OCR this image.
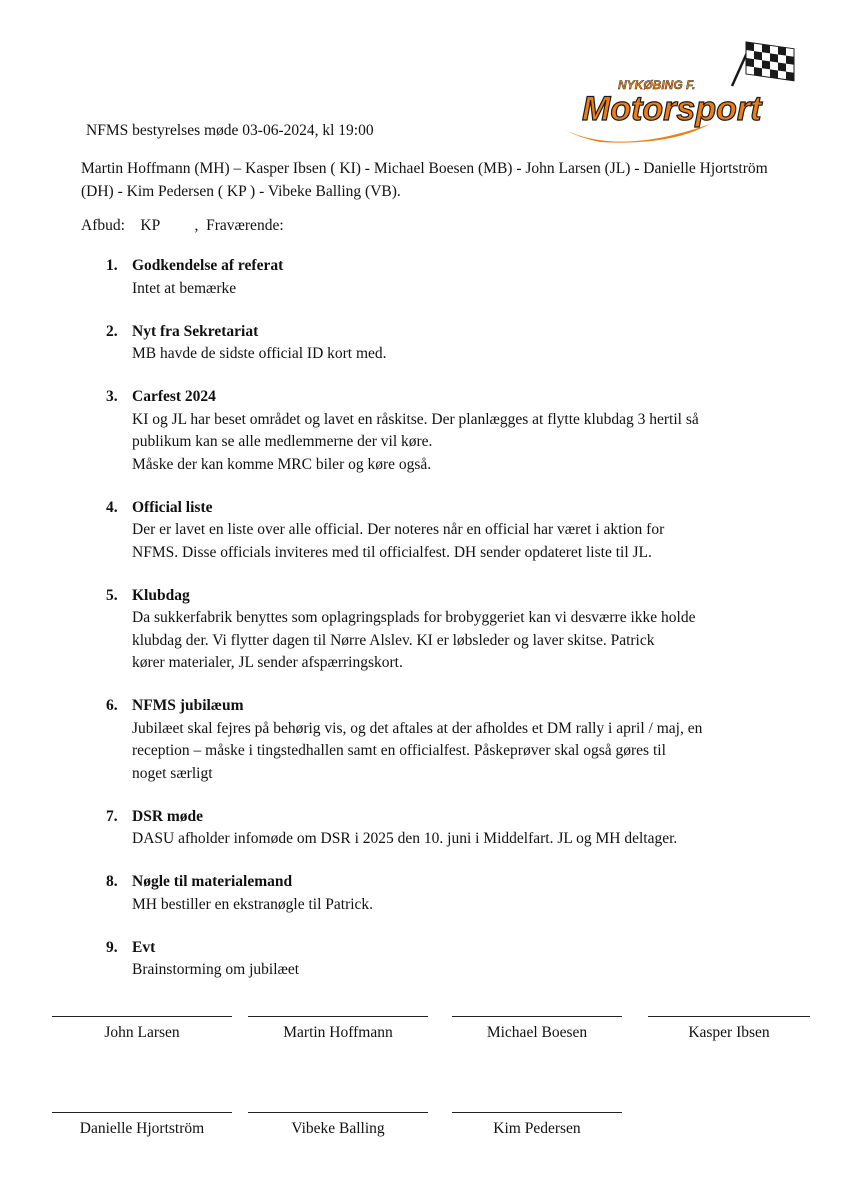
NYKØBING F.
Motorsport
NFMS bestyrelses møde 03-06-2024, kl 19:00
Martin Hoffmann (MH) – Kasper Ibsen ( KI) - Michael Boesen (MB) - John Larsen (JL) - Danielle Hjortström (DH) - Kim Pedersen ( KP ) - Vibeke Balling (VB).
Afbud:    KP         ,  Fraværende:
1. Godkendelse af referat
Intet at bemærke
2. Nyt fra Sekretariat
MB havde de sidste official ID kort med.
3. Carfest 2024
KI og JL har beset området og lavet en råskitse. Der planlægges at flytte klubdag 3 hertil så
publikum kan se alle medlemmerne der vil køre.
Måske der kan komme MRC biler og køre også.
4. Official liste
Der er lavet en liste over alle official. Der noteres når en official har været i aktion for
NFMS. Disse officials inviteres med til officialfest. DH sender opdateret liste til JL.
5. Klubdag
Da sukkerfabrik benyttes som oplagringsplads for brobyggeriet kan vi desværre ikke holde
klubdag der. Vi flytter dagen til Nørre Alslev. KI er løbsleder og laver skitse. Patrick
kører materialer, JL sender afspærringskort.
6. NFMS jubilæum
Jubilæet skal fejres på behørig vis, og det aftales at der afholdes et DM rally i april / maj, en
reception – måske i tingstedhallen samt en officialfest. Påskeprøver skal også gøres til
noget særligt
7. DSR møde
DASU afholder infomøde om DSR i 2025 den 10. juni i Middelfart. JL og MH deltager.
8. Nøgle til materialemand
MH bestiller en ekstranøgle til Patrick.
9. Evt
Brainstorming om jubilæet
John Larsen	Martin Hoffmann	Michael Boesen	Kasper Ibsen
Danielle Hjortström	Vibeke Balling	Kim Pedersen
